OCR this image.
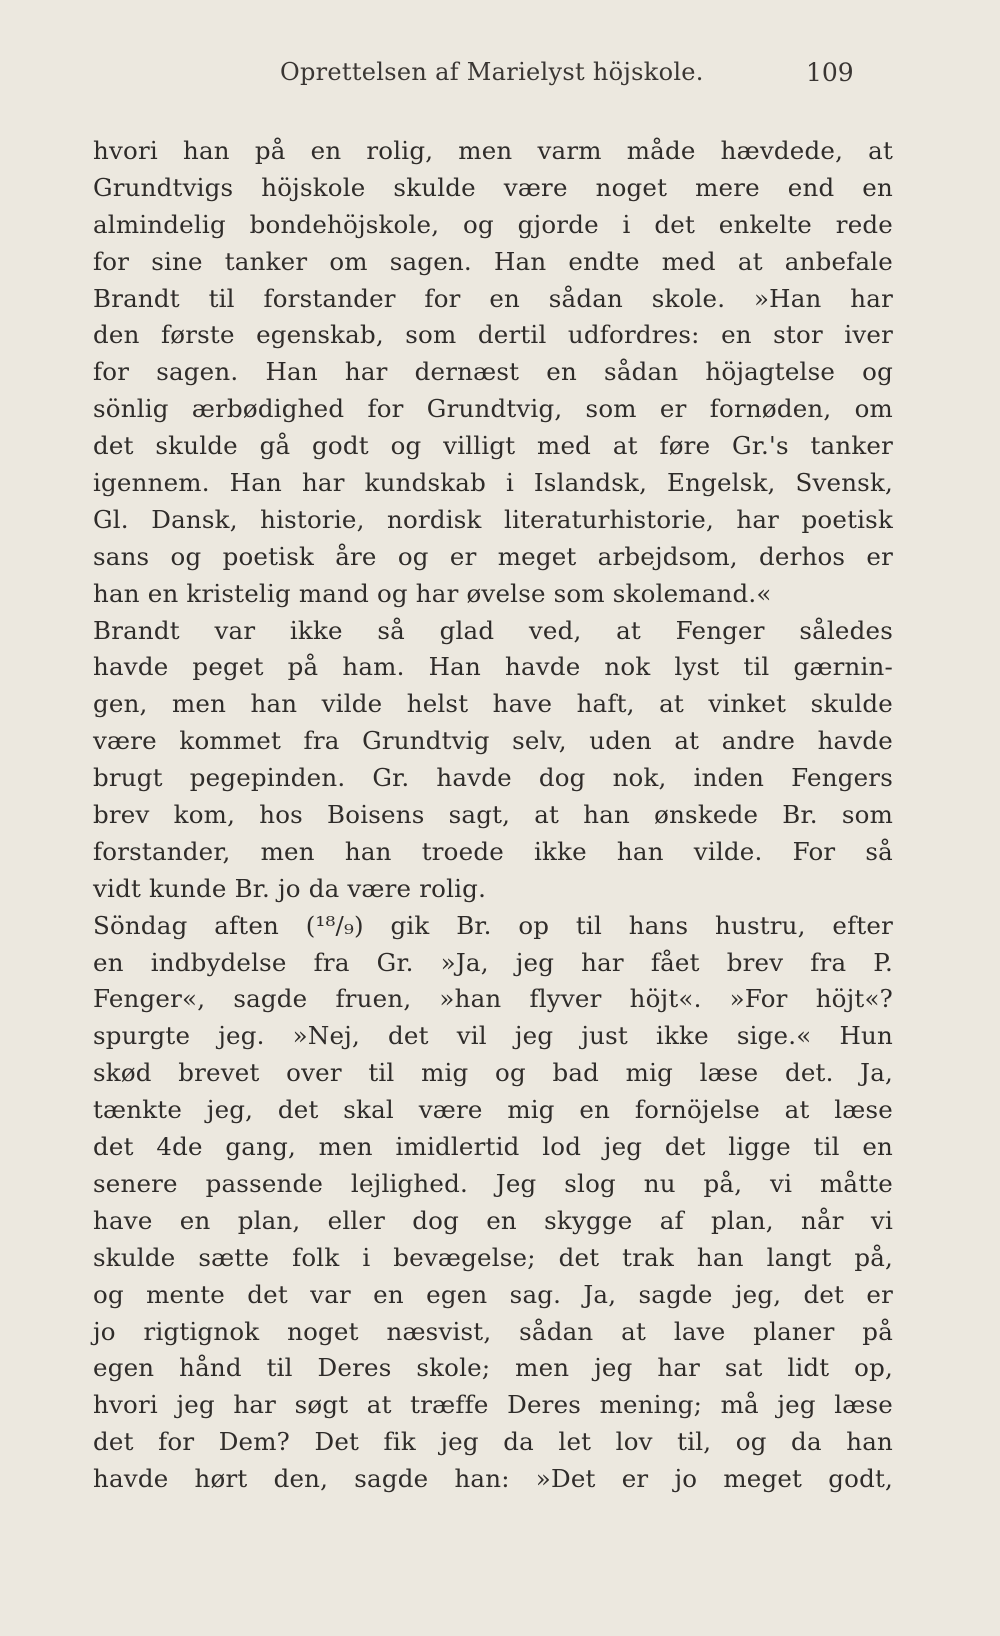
Oprettelsen af Marielyst höjskole.	109
hvori han på en rolig, men varm måde hævdede, at
Grundtvigs höjskole skulde være noget mere end en
almindelig bondehöjskole, og gjorde i det enkelte rede
for sine tanker om sagen. Han endte med at anbefale
Brandt til forstander for en sådan skole. »Han har
den første egenskab, som dertil udfordres: en stor iver
for sagen. Han har dernæst en sådan höjagtelse og
sönlig ærbødighed for Grundtvig, som er fornøden, om
det skulde gå godt og villigt med at føre Gr.'s tanker
igennem. Han har kundskab i Islandsk, Engelsk, Svensk,
Gl. Dansk, historie, nordisk literaturhistorie, har poetisk
sans og poetisk åre og er meget arbejdsom, derhos er
han en kristelig mand og har øvelse som skolemand.«
Brandt var ikke så glad ved, at Fenger således
havde peget på ham. Han havde nok lyst til gærnin-
gen, men han vilde helst have haft, at vinket skulde
være kommet fra Grundtvig selv, uden at andre havde
brugt pegepinden. Gr. havde dog nok, inden Fengers
brev kom, hos Boisens sagt, at han ønskede Br. som
forstander, men han troede ikke han vilde. For så
vidt kunde Br. jo da være rolig.
Söndag aften (¹⁸/₉) gik Br. op til hans hustru, efter
en indbydelse fra Gr. »Ja, jeg har fået brev fra P.
Fenger«, sagde fruen, »han flyver höjt«. »For höjt«?
spurgte jeg. »Nej, det vil jeg just ikke sige.« Hun
skød brevet over til mig og bad mig læse det. Ja,
tænkte jeg, det skal være mig en fornöjelse at læse
det 4de gang, men imidlertid lod jeg det ligge til en
senere passende lejlighed. Jeg slog nu på, vi måtte
have en plan, eller dog en skygge af plan, når vi
skulde sætte folk i bevægelse; det trak han langt på,
og mente det var en egen sag. Ja, sagde jeg, det er
jo rigtignok noget næsvist, sådan at lave planer på
egen hånd til Deres skole; men jeg har sat lidt op,
hvori jeg har søgt at træffe Deres mening; må jeg læse
det for Dem? Det fik jeg da let lov til, og da han
havde hørt den, sagde han: »Det er jo meget godt,
